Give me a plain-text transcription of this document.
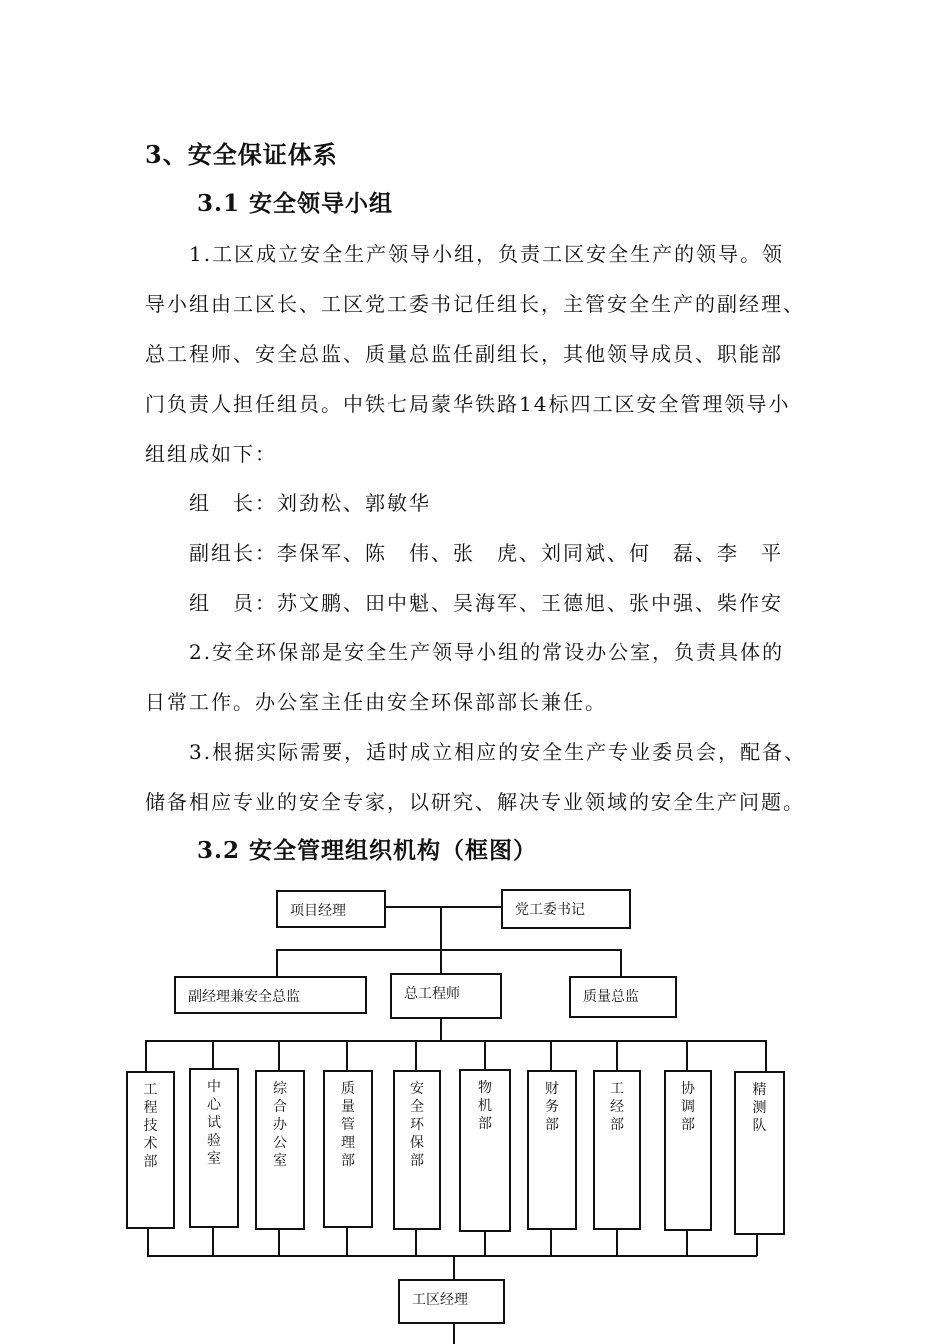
3、安全保证体系
3.1 安全领导小组
1.工区成立安全生产领导小组，负责工区安全生产的领导。领
导小组由工区长、工区党工委书记任组长，主管安全生产的副经理、
总工程师、安全总监、质量总监任副组长，其他领导成员、职能部
门负责人担任组员。中铁七局蒙华铁路14标四工区安全管理领导小
组组成如下：
组　长：刘劲松、郭敏华
副组长：李保军、陈　伟、张　虎、刘同斌、何　磊、李　平
组　员：苏文鹏、田中魁、吴海军、王德旭、张中强、柴作安
2.安全环保部是安全生产领导小组的常设办公室，负责具体的
日常工作。办公室主任由安全环保部部长兼任。
3.根据实际需要，适时成立相应的安全生产专业委员会，配备、
储备相应专业的安全专家，以研究、解决专业领域的安全生产问题。
3.2 安全管理组织机构（框图）
项目经理	党工委书记
副经理兼安全总监	总工程师	质量总监
工程技术部
中心试验室
综合办公室
质量管理部
安全环保部
物机部
财务部
工经部
协调部
精测队
工区经理
